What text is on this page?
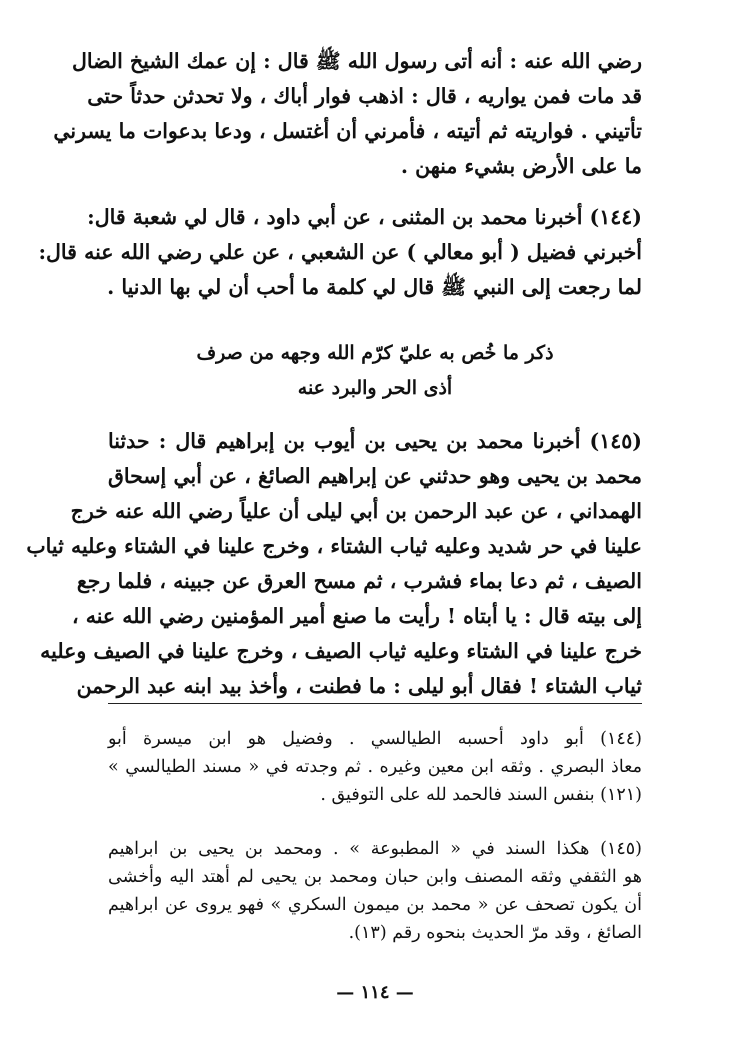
رضي الله عنه : أنه أتى رسول الله ﷺ قال : إن عمك الشيخ الضال
قد مات فمن يواريه ، قال : اذهب فوار أباك ، ولا تحدثن حدثاً حتى
تأتيني . فواريته ثم أتيته ، فأمرني أن أغتسل ، ودعا بدعوات ما يسرني
ما على الأرض بشيء منهن .
(١٤٤) أخبرنا محمد بن المثنى ، عن أبي داود ، قال لي شعبة قال:
أخبرني فضيل ( أبو معالي ) عن الشعبي ، عن علي رضي الله عنه قال:
لما رجعت إلى النبي ﷺ قال لي كلمة ما أحب أن لي بها الدنيا .
ذكر ما خُص به عليّ كرّم الله وجهه من صرف
أذى الحر والبرد عنه
(١٤٥) أخبرنا محمد بن يحيى بن أيوب بن إبراهيم قال : حدثنا
محمد بن يحيى وهو حدثني عن إبراهيم الصائغ ، عن أبي إسحاق
الهمداني ، عن عبد الرحمن بن أبي ليلى أن علياً رضي الله عنه خرج
علينا في حر شديد وعليه ثياب الشتاء ، وخرج علينا في الشتاء وعليه ثياب
الصيف ، ثم دعا بماء فشرب ، ثم مسح العرق عن جبينه ، فلما رجع
إلى بيته قال : يا أبتاه ! رأيت ما صنع أمير المؤمنين رضي الله عنه ،
خرج علينا في الشتاء وعليه ثياب الصيف ، وخرج علينا في الصيف وعليه
ثياب الشتاء ! فقال أبو ليلى : ما فطنت ، وأخذ بيد ابنه عبد الرحمن
(١٤٤) أبو داود أحسبه الطيالسي . وفضيل هو ابن ميسرة أبو
معاذ البصري . وثقه ابن معين وغيره . ثم وجدته في « مسند الطيالسي »
(١٢١) بنفس السند فالحمد لله على التوفيق .
(١٤٥) هكذا السند في « المطبوعة » . ومحمد بن يحيى بن ابراهيم
هو الثقفي وثقه المصنف وابن حبان ومحمد بن يحيى لم أهتد اليه وأخشى
أن يكون تصحف عن « محمد بن ميمون السكري » فهو يروى عن ابراهيم
الصائغ ، وقد مرّ الحديث بنحوه رقم (١٣).
— ١١٤ —
